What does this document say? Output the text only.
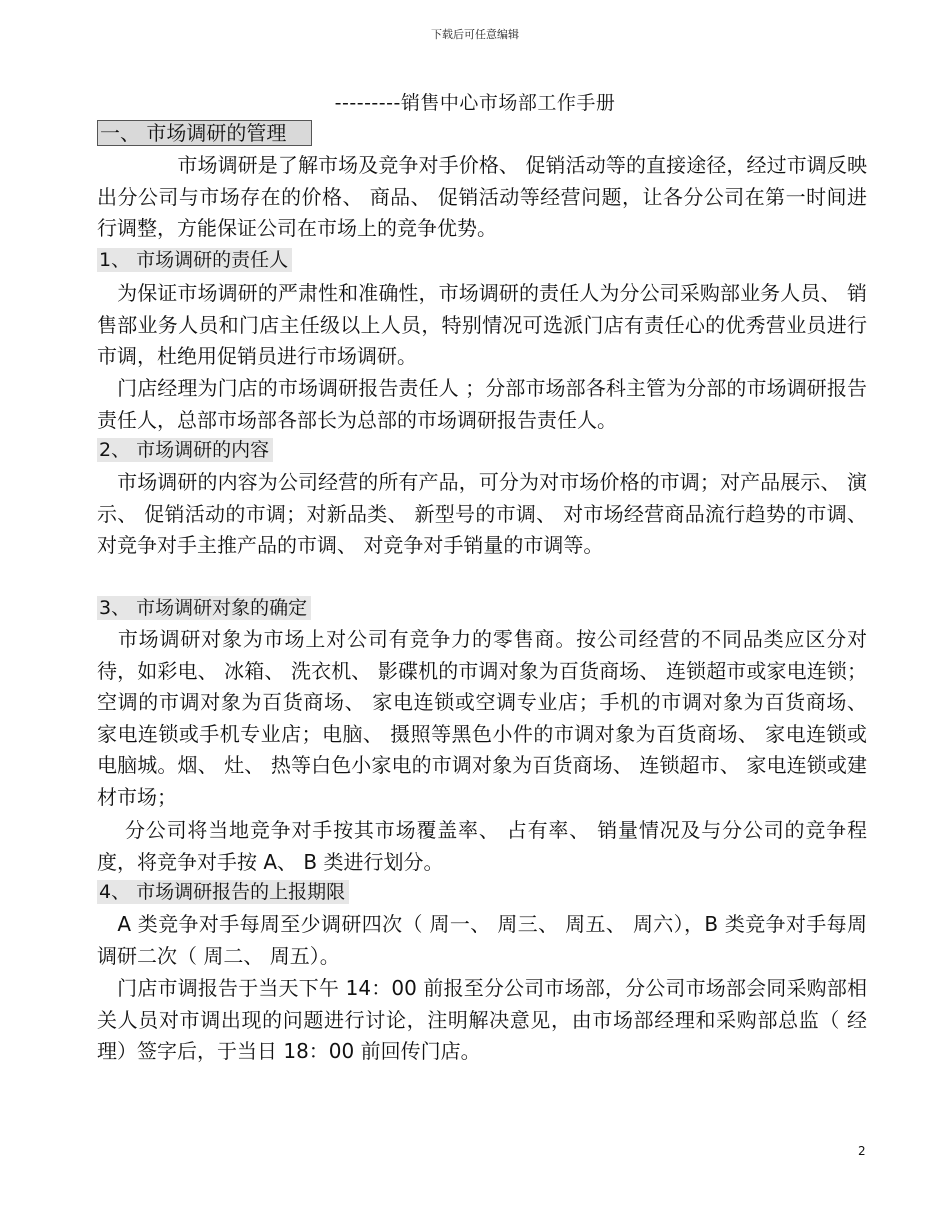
下载后可任意编辑
---------销售中心市场部工作手册
一、 市场调研的管理

　　　　市场调研是了解市场及竞争对手价格、 促销活动等的直接途径，经过市调反映出分公司与市场存在的价格、 商品、 促销活动等经营问题，让各分公司在第一时间进行调整，方能保证公司在市场上的竞争优势。

1、 市场调研的责任人

　为保证市场调研的严肃性和准确性，市场调研的责任人为分公司采购部业务人员、 销售部业务人员和门店主任级以上人员，特别情况可选派门店有责任心的优秀营业员进行市调，杜绝用促销员进行市场调研。

　门店经理为门店的市场调研报告责任人 ；分部市场部各科主管为分部的市场调研报告责任人，总部市场部各部长为总部的市场调研报告责任人。

2、 市场调研的内容

　市场调研的内容为公司经营的所有产品，可分为对市场价格的市调；对产品展示、 演示、 促销活动的市调；对新品类、 新型号的市调、 对市场经营商品流行趋势的市调、 对竞争对手主推产品的市调、 对竞争对手销量的市调等。

3、 市场调研对象的确定

　市场调研对象为市场上对公司有竞争力的零售商。按公司经营的不同品类应区分对待，如彩电、 冰箱、 洗衣机、 影碟机的市调对象为百货商场、 连锁超市或家电连锁；空调的市调对象为百货商场、 家电连锁或空调专业店；手机的市调对象为百货商场、 家电连锁或手机专业店；电脑、 摄照等黑色小件的市调对象为百货商场、 家电连锁或电脑城。烟、 灶、 热等白色小家电的市调对象为百货商场、 连锁超市、 家电连锁或建材市场；

　 分公司将当地竞争对手按其市场覆盖率、 占有率、 销量情况及与分公司的竞争程度，将竞争对手按 A、 B 类进行划分。

4、 市场调研报告的上报期限

　A 类竞争对手每周至少调研四次（ 周一、 周三、 周五、 周六），B 类竞争对手每周调研二次（ 周二、 周五）。

　门店市调报告于当天下午 14：00 前报至分公司市场部，分公司市场部会同采购部相关人员对市调出现的问题进行讨论，注明解决意见，由市场部经理和采购部总监（ 经理）签字后，于当日 18：00 前回传门店。

2
